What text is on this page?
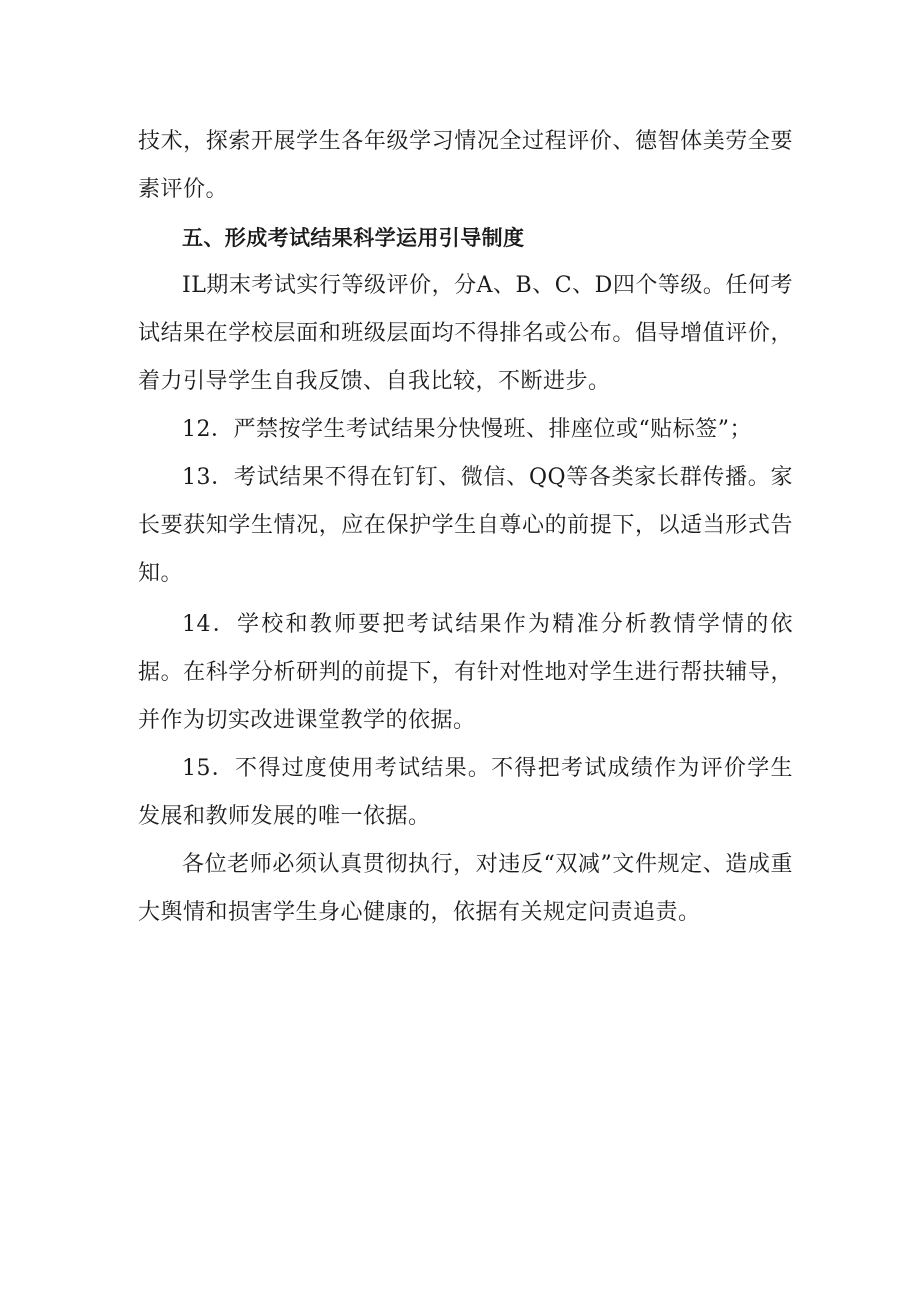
技术，探索开展学生各年级学习情况全过程评价、德智体美劳全要素评价。

五、形成考试结果科学运用引导制度

IL期末考试实行等级评价，分A、B、C、D四个等级。任何考试结果在学校层面和班级层面均不得排名或公布。倡导增值评价，着力引导学生自我反馈、自我比较，不断进步。

12．严禁按学生考试结果分快慢班、排座位或“贴标签”；

13．考试结果不得在钉钉、微信、QQ等各类家长群传播。家长要获知学生情况，应在保护学生自尊心的前提下，以适当形式告知。

14．学校和教师要把考试结果作为精准分析教情学情的依据。在科学分析研判的前提下，有针对性地对学生进行帮扶辅导，并作为切实改进课堂教学的依据。

15．不得过度使用考试结果。不得把考试成绩作为评价学生发展和教师发展的唯一依据。

各位老师必须认真贯彻执行，对违反“双减”文件规定、造成重大舆情和损害学生身心健康的，依据有关规定问责追责。
